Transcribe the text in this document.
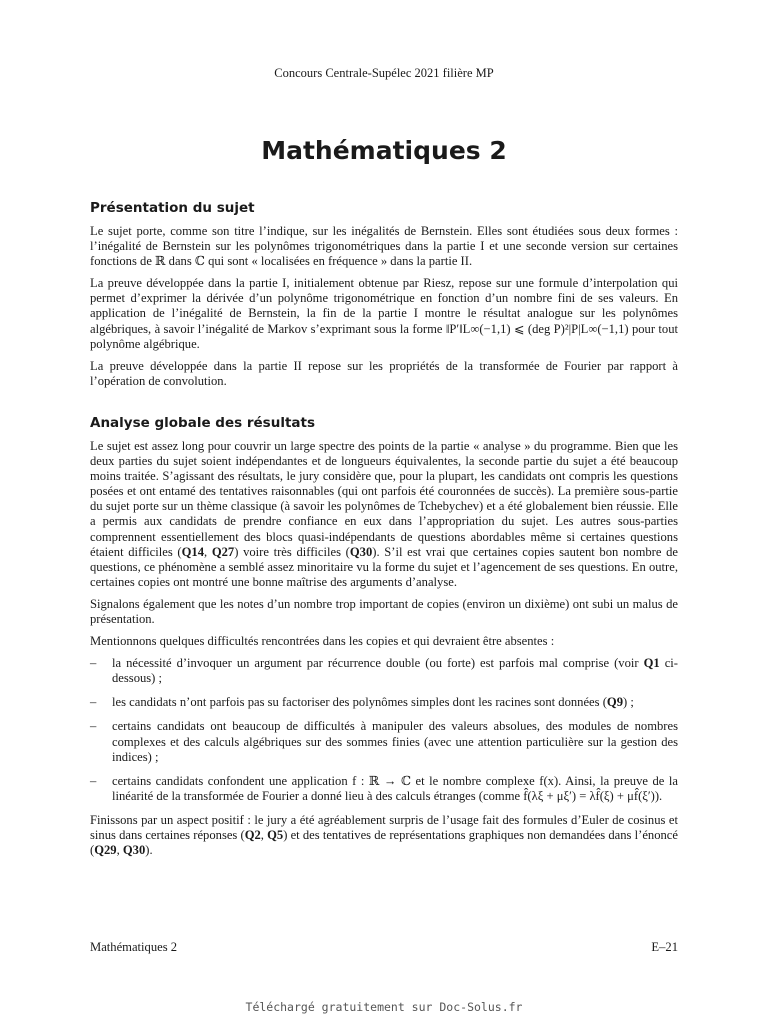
Concours Centrale-Supélec 2021 filière MP
Mathématiques 2
Présentation du sujet

Le sujet porte, comme son titre l’indique, sur les inégalités de Bernstein. Elles sont étudiées sous deux formes : l’inégalité de Bernstein sur les polynômes trigonométriques dans la partie I et une seconde version sur certaines fonctions de ℝ dans ℂ qui sont « localisées en fréquence » dans la partie II.

La preuve développée dans la partie I, initialement obtenue par Riesz, repose sur une formule d’interpolation qui permet d’exprimer la dérivée d’un polynôme trigonométrique en fonction d’un nombre fini de ses valeurs. En application de l’inégalité de Bernstein, la fin de la partie I montre le résultat analogue sur les polynômes algébriques, à savoir l’inégalité de Markov s’exprimant sous la forme ‖P′‖L∞(−1,1) ⩽ (deg P)²|P|L∞(−1,1) pour tout polynôme algébrique.

La preuve développée dans la partie II repose sur les propriétés de la transformée de Fourier par rapport à l’opération de convolution.

Analyse globale des résultats

Le sujet est assez long pour couvrir un large spectre des points de la partie « analyse » du programme. Bien que les deux parties du sujet soient indépendantes et de longueurs équivalentes, la seconde partie du sujet a été beaucoup moins traitée. S’agissant des résultats, le jury considère que, pour la plupart, les candidats ont compris les questions posées et ont entamé des tentatives raisonnables (qui ont parfois été couronnées de succès). La première sous-partie du sujet porte sur un thème classique (à savoir les polynômes de Tchebychev) et a été globalement bien réussie. Elle a permis aux candidats de prendre confiance en eux dans l’appropriation du sujet. Les autres sous-parties comprennent essentiellement des blocs quasi-indépendants de questions abordables même si certaines questions étaient difficiles (Q14, Q27) voire très difficiles (Q30). S’il est vrai que certaines copies sautent bon nombre de questions, ce phénomène a semblé assez minoritaire vu la forme du sujet et l’agencement de ses questions. En outre, certaines copies ont montré une bonne maîtrise des arguments d’analyse.

Signalons également que les notes d’un nombre trop important de copies (environ un dixième) ont subi un malus de présentation.

Mentionnons quelques difficultés rencontrées dans les copies et qui devraient être absentes :

– la nécessité d’invoquer un argument par récurrence double (ou forte) est parfois mal comprise (voir Q1 ci-dessous) ;
– les candidats n’ont parfois pas su factoriser des polynômes simples dont les racines sont données (Q9) ;
– certains candidats ont beaucoup de difficultés à manipuler des valeurs absolues, des modules de nombres complexes et des calculs algébriques sur des sommes finies (avec une attention particulière sur la gestion des indices) ;
– certains candidats confondent une application f : ℝ → ℂ et le nombre complexe f(x). Ainsi, la preuve de la linéarité de la transformée de Fourier a donné lieu à des calculs étranges (comme f̂(λξ + μξ′) = λf̂(ξ) + μf̂(ξ′)).

Finissons par un aspect positif : le jury a été agréablement surpris de l’usage fait des formules d’Euler de cosinus et sinus dans certaines réponses (Q2, Q5) et des tentatives de représentations graphiques non demandées dans l’énoncé (Q29, Q30).

Mathématiques 2	E–21
Téléchargé gratuitement sur Doc-Solus.fr
